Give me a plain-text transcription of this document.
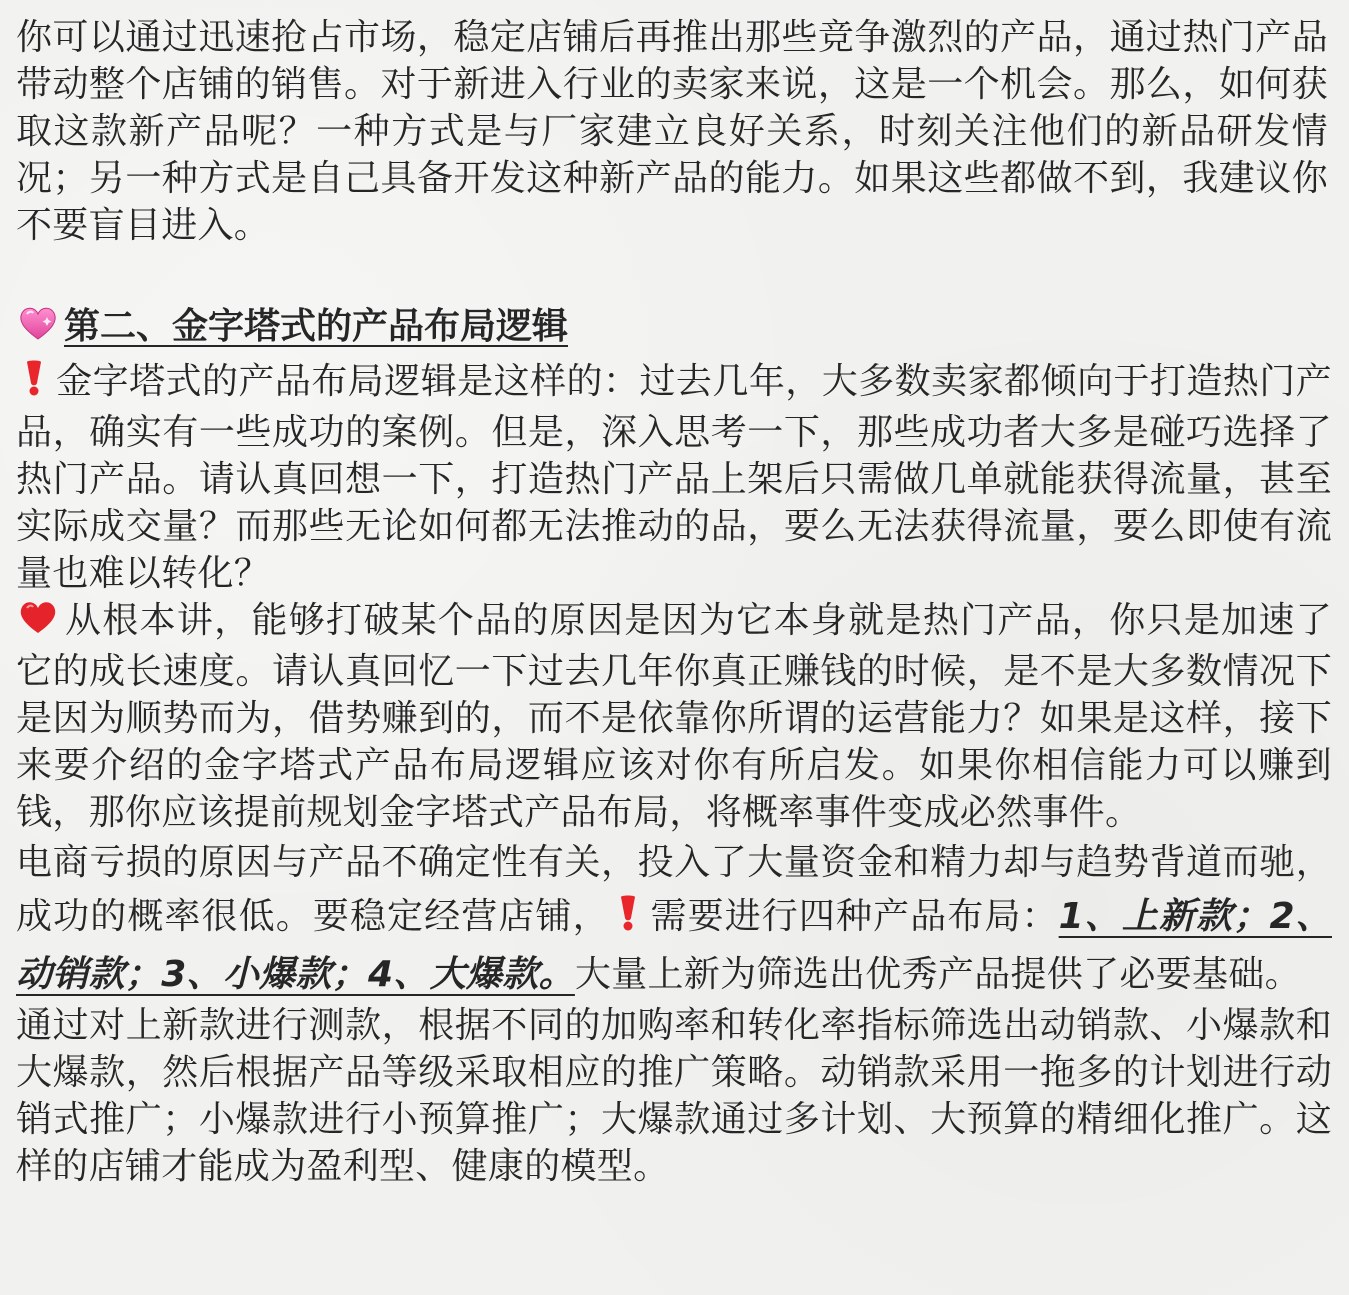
你可以通过迅速抢占市场，稳定店铺后再推出那些竞争激烈的产品，通过热门产品带动整个店铺的销售。对于新进入行业的卖家来说，这是一个机会。那么，如何获取这款新产品呢？一种方式是与厂家建立良好关系，时刻关注他们的新品研发情况；另一种方式是自己具备开发这种新产品的能力。如果这些都做不到，我建议你不要盲目进入。

第二、金字塔式的产品布局逻辑

金字塔式的产品布局逻辑是这样的：过去几年，大多数卖家都倾向于打造热门产品，确实有一些成功的案例。但是，深入思考一下，那些成功者大多是碰巧选择了热门产品。请认真回想一下，打造热门产品上架后只需做几单就能获得流量，甚至实际成交量？而那些无论如何都无法推动的品，要么无法获得流量，要么即使有流量也难以转化？

从根本讲，能够打破某个品的原因是因为它本身就是热门产品，你只是加速了它的成长速度。请认真回忆一下过去几年你真正赚钱的时候，是不是大多数情况下是因为顺势而为，借势赚到的，而不是依靠你所谓的运营能力？如果是这样，接下来要介绍的金字塔式产品布局逻辑应该对你有所启发。如果你相信能力可以赚到钱，那你应该提前规划金字塔式产品布局，将概率事件变成必然事件。

电商亏损的原因与产品不确定性有关，投入了大量资金和精力却与趋势背道而驰，成功的概率很低。要稳定经营店铺， 需要进行四种产品布局：1、上新款；2、动销款；3、小爆款；4、大爆款。大量上新为筛选出优秀产品提供了必要基础。

通过对上新款进行测款，根据不同的加购率和转化率指标筛选出动销款、小爆款和大爆款，然后根据产品等级采取相应的推广策略。动销款采用一拖多的计划进行动销式推广；小爆款进行小预算推广；大爆款通过多计划、大预算的精细化推广。这样的店铺才能成为盈利型、健康的模型。
